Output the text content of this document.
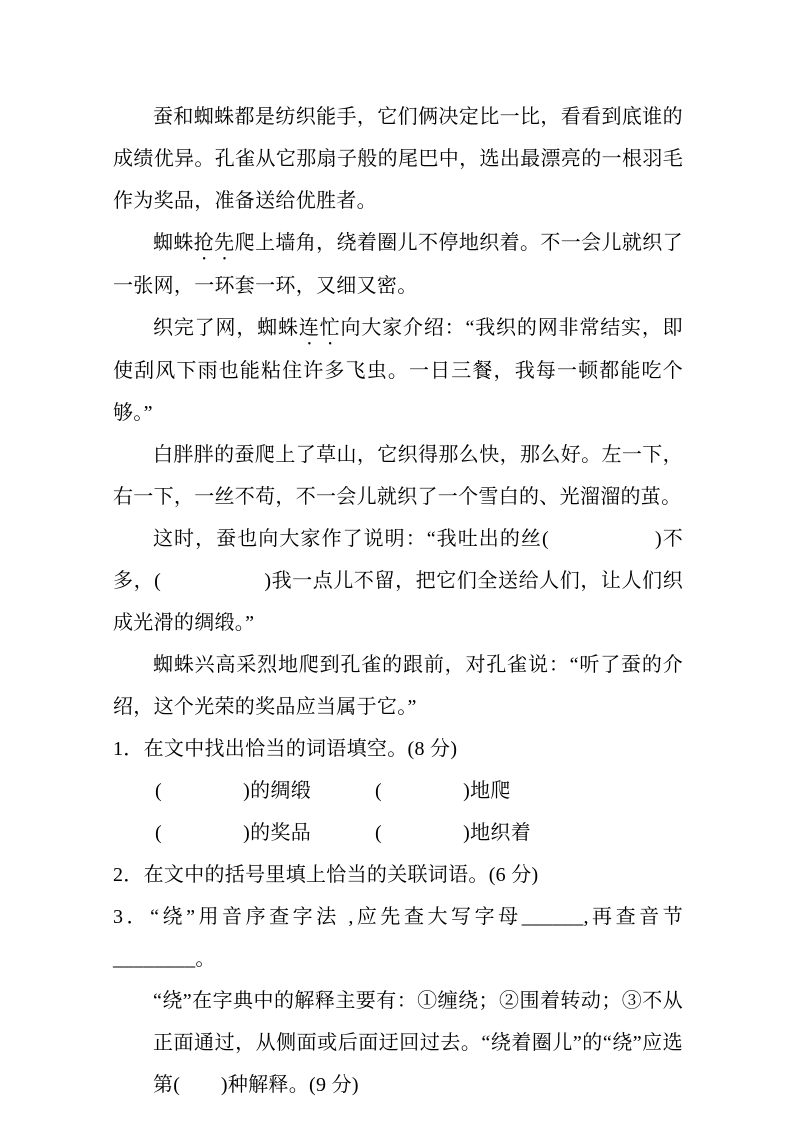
蚕和蜘蛛都是纺织能手，它们俩决定比一比，看看到底谁的成绩优异。孔雀从它那扇子般的尾巴中，选出最漂亮的一根羽毛作为奖品，准备送给优胜者。

蜘蛛抢先爬上墙角，绕着圈儿不停地织着。不一会儿就织了一张网，一环套一环，又细又密。

织完了网，蜘蛛连忙向大家介绍：“我织的网非常结实，即使刮风下雨也能粘住许多飞虫。一日三餐，我每一顿都能吃个够。”

白胖胖的蚕爬上了草山，它织得那么快，那么好。左一下，右一下，一丝不苟，不一会儿就织了一个雪白的、光溜溜的茧。

这时，蚕也向大家作了说明：“我吐出的丝(　　　　　)不多，(　　　　　)我一点儿不留，把它们全送给人们，让人们织成光滑的绸缎。”

蜘蛛兴高采烈地爬到孔雀的跟前，对孔雀说：“听了蚕的介绍，这个光荣的奖品应当属于它。”

1．在文中找出恰当的词语填空。(8 分)

(　　　　)的绸缎	(　　　　)地爬

(　　　　)的奖品	(　　　　)地织着

2．在文中的括号里填上恰当的关联词语。(6 分)

3．“绕”用音序查字法 ,应先查大写字母______,再查音节________。

“绕”在字典中的解释主要有：①缠绕；②围着转动；③不从正面通过，从侧面或后面迂回过去。“绕着圈儿”的“绕”应选第(　　)种解释。(9 分)
